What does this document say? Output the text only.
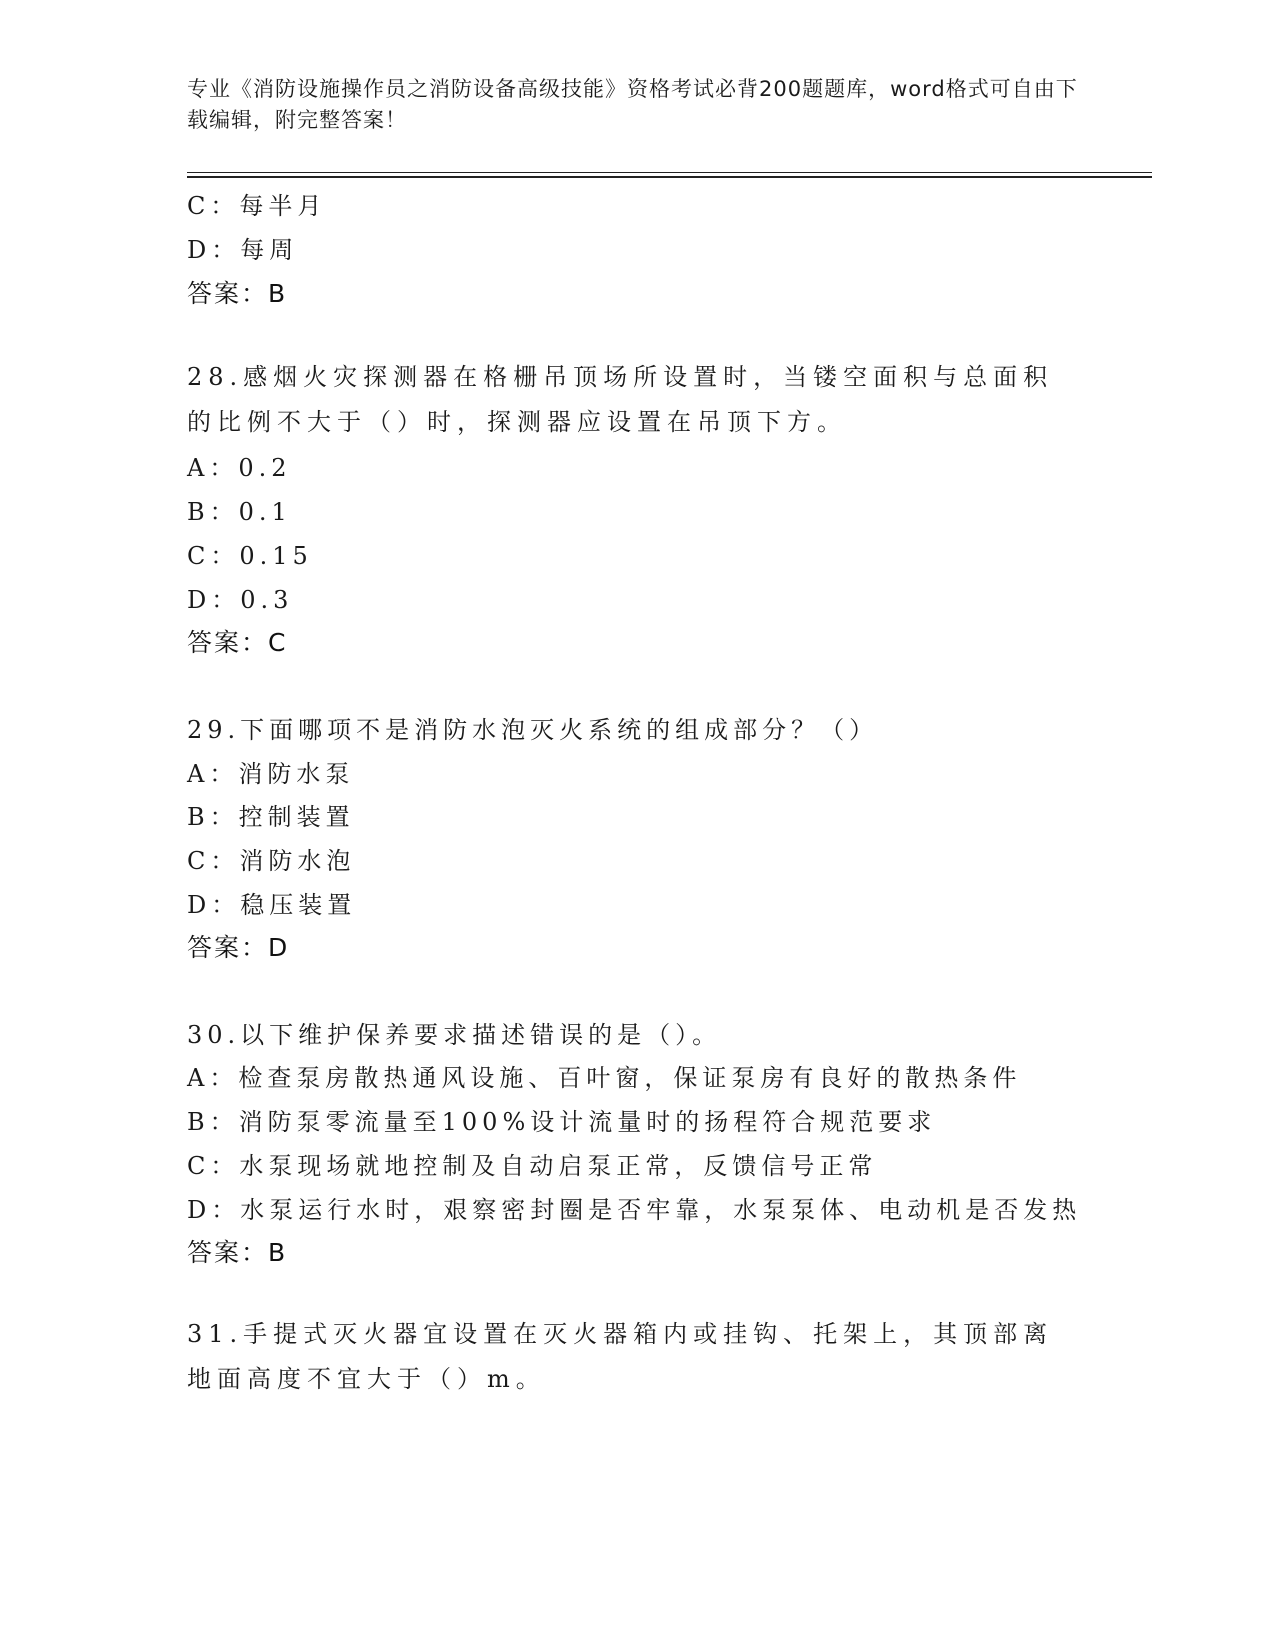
专业《消防设施操作员之消防设备高级技能》资格考试必背200题题库，word格式可自由下载编辑，附完整答案！
C：每半月
D：每周
答案：B
28.感烟火灾探测器在格栅吊顶场所设置时，当镂空面积与总面积的比例不大于（）时，探测器应设置在吊顶下方。
A：0.2
B：0.1
C：0.15
D：0.3
答案：C
29.下面哪项不是消防水泡灭火系统的组成部分？（）
A：消防水泵
B：控制装置
C：消防水泡
D：稳压装置
答案：D
30.以下维护保养要求描述错误的是（）。
A：检查泵房散热通风设施、百叶窗，保证泵房有良好的散热条件
B：消防泵零流量至100%设计流量时的扬程符合规范要求
C：水泵现场就地控制及自动启泵正常，反馈信号正常
D：水泵运行水时，艰察密封圈是否牢靠，水泵泵体、电动机是否发热
答案：B
31.手提式灭火器宜设置在灭火器箱内或挂钩、托架上，其顶部离地面高度不宜大于（）m。
